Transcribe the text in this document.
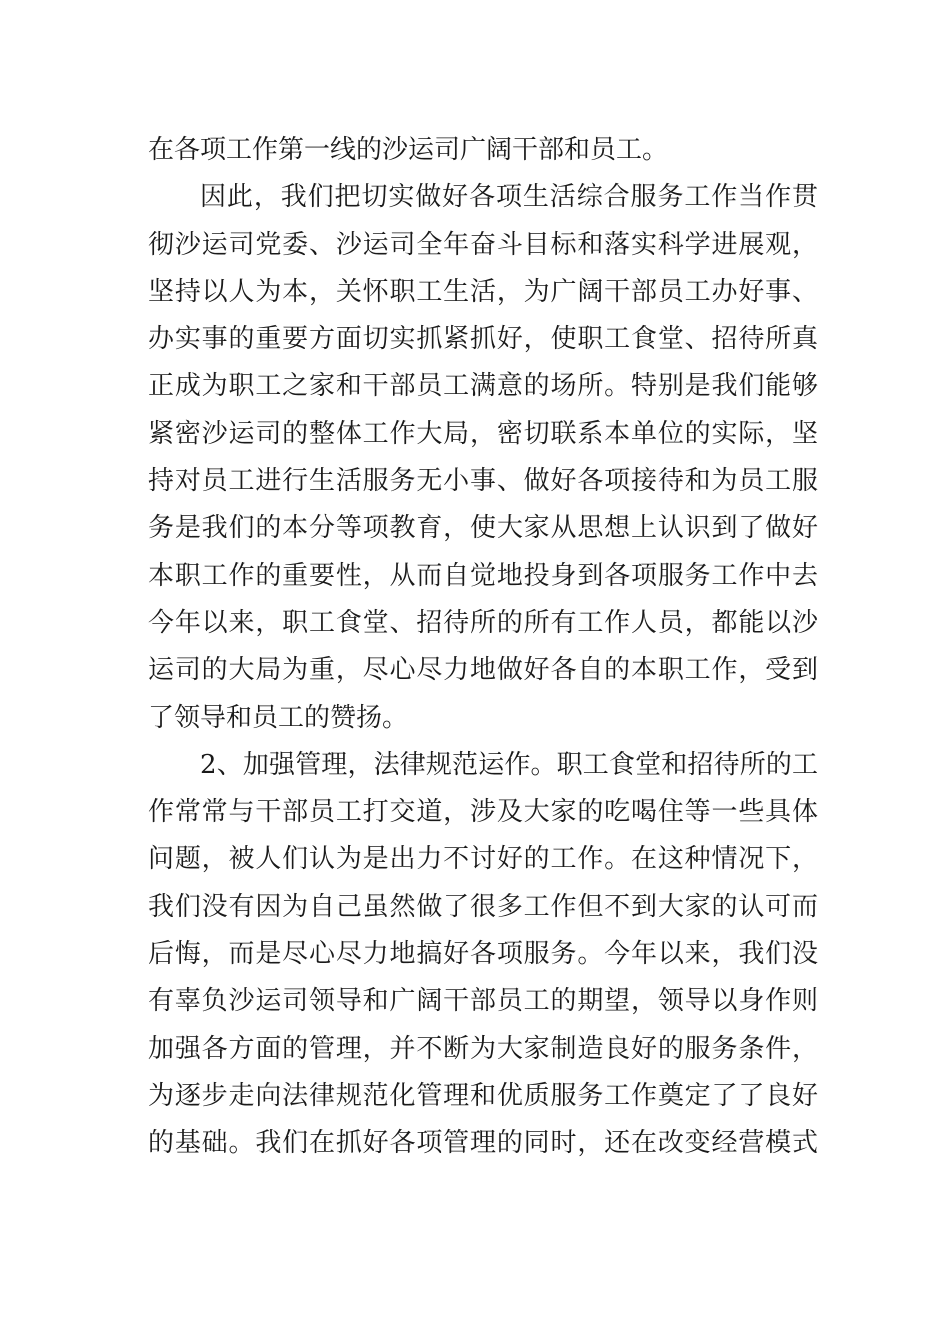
在各项工作第一线的沙运司广阔干部和员工。
因此，我们把切实做好各项生活综合服务工作当作贯
彻沙运司党委、沙运司全年奋斗目标和落实科学进展观，
坚持以人为本，关怀职工生活，为广阔干部员工办好事、
办实事的重要方面切实抓紧抓好，使职工食堂、招待所真
正成为职工之家和干部员工满意的场所。特别是我们能够
紧密沙运司的整体工作大局，密切联系本单位的实际，坚
持对员工进行生活服务无小事、做好各项接待和为员工服
务是我们的本分等项教育，使大家从思想上认识到了做好
本职工作的重要性，从而自觉地投身到各项服务工作中去
今年以来，职工食堂、招待所的所有工作人员，都能以沙
运司的大局为重，尽心尽力地做好各自的本职工作，受到
了领导和员工的赞扬。
2、加强管理，法律规范运作。职工食堂和招待所的工
作常常与干部员工打交道，涉及大家的吃喝住等一些具体
问题，被人们认为是出力不讨好的工作。在这种情况下，
我们没有因为自己虽然做了很多工作但不到大家的认可而
后悔，而是尽心尽力地搞好各项服务。今年以来，我们没
有辜负沙运司领导和广阔干部员工的期望，领导以身作则
加强各方面的管理，并不断为大家制造良好的服务条件，
为逐步走向法律规范化管理和优质服务工作奠定了了良好
的基础。我们在抓好各项管理的同时，还在改变经营模式
